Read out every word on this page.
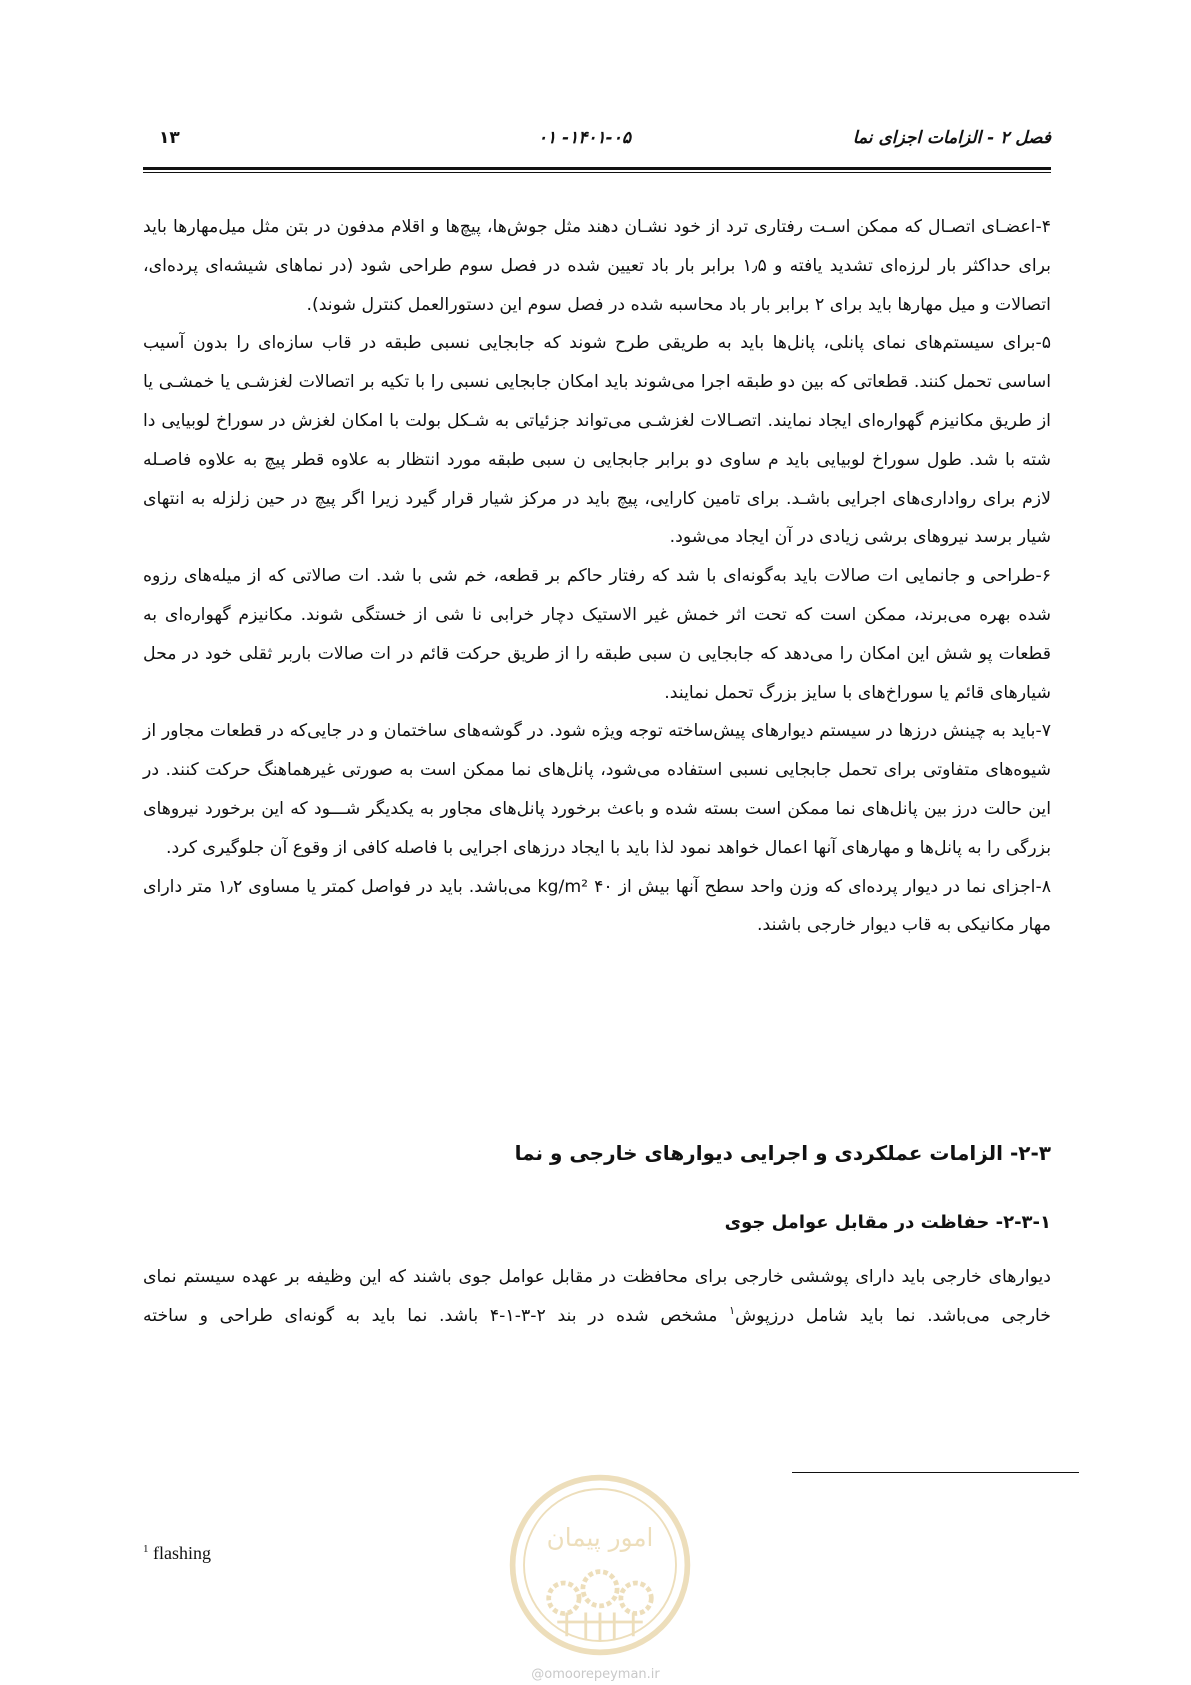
فصل ۲ - الزامات اجزای نما
۱۴۰۱-۰۵- ۰۱
۱۳

۴-اعضـای اتصـال که ممکن اسـت رفتاری ترد از خود نشـان دهند مثل جوش‌ها، پیچ‌ها و اقلام مدفون در بتن مثل میل‌مهارها باید برای حداکثر بار لرزه‌ای تشدید یافته و ۱٫۵ برابر بار باد تعیین شده در فصل سوم طراحی شود (در نماهای شیشه‌ای پرده‌ای، اتصالات و میل مهارها باید برای ۲ برابر بار باد محاسبه شده در فصل سوم این دستورالعمل کنترل شوند).

۵-برای سیستم‌های نمای پانلی، پانل‌ها باید به طریقی طرح شوند که جابجایی نسبی طبقه در قاب سازه‌ای را بدون آسیب اساسی تحمل کنند. قطعاتی که بین دو طبقه اجرا می‌شوند باید امکان جابجایی نسبی را با تکیه بر اتصالات لغزشـی یا خمشـی یا از طریق مکانیزم گهواره‌ای ایجاد نمایند. اتصـالات لغزشـی می‌تواند جزئیاتی به شـکل بولت با امکان لغزش در سوراخ لوبیایی دا شته با شد. طول سوراخ لوبیایی باید م ساوی دو برابر جابجایی ن سبی طبقه مورد انتظار به علاوه قطر پیچ به علاوه فاصـله لازم برای رواداری‌های اجرایی باشـد. برای تامین کارایی، پیچ باید در مرکز شیار قرار گیرد زیرا اگر پیچ در حین زلزله به انتهای شیار برسد نیروهای برشی زیادی در آن ایجاد می‌شود.

۶-طراحی و جانمایی ات صالات باید به‌گونه‌ای با شد که رفتار حاکم بر قطعه، خم شی با شد. ات صالاتی که از میله‌های رزوه شده بهره می‌برند، ممکن است که تحت اثر خمش غیر الاستیک دچار خرابی نا شی از خستگی شوند. مکانیزم گهواره‌ای به قطعات پو شش این امکان را می‌دهد که جابجایی ن سبی طبقه را از طریق حرکت قائم در ات صالات باربر ثقلی خود در محل شیارهای قائم یا سوراخ‌های با سایز بزرگ تحمل نمایند.

۷-باید به چینش درزها در سیستم دیوارهای پیش‌ساخته توجه ویژه شود. در گوشه‌های ساختمان و در جایی‌که در قطعات مجاور از شیوه‌های متفاوتی برای تحمل جابجایی نسبی استفاده می‌شود، پانل‌های نما ممکن است به صورتی غیرهماهنگ حرکت کنند. در این حالت درز بین پانل‌های نما ممکن است بسته شده و باعث برخورد پانل‌های مجاور به یکدیگر شـــود که این برخورد نیروهای بزرگی را به پانل‌ها و مهارهای آنها اعمال خواهد نمود لذا باید با ایجاد درزهای اجرایی با فاصله کافی از وقوع آن جلوگیری کرد.

۸-اجزای نما در دیوار پرده‌ای که وزن واحد سطح آنها بیش از ۴۰ kg/m² می‌باشد. باید در فواصل کمتر یا مساوی ۱٫۲ متر دارای مهار مکانیکی به قاب دیوار خارجی باشند.

۲-۳- الزامات عملکردی و اجرایی دیوارهای خارجی و نما
۲-۳-۱- حفاظت در مقابل عوامل جوی

دیوارهای خارجی باید دارای پوششی خارجی برای محافظت در مقابل عوامل جوی باشند که این وظیفه بر عهده سیستم نمای خارجی می‌باشد. نما باید شامل درزپوش$^۱$ مشخص شده در بند ۲-۳-۱-۴ باشد. نما باید به گونه‌ای طراحی و ساخته

$^1$ flashing
امور پیمان
@omoorepeyman.ir
